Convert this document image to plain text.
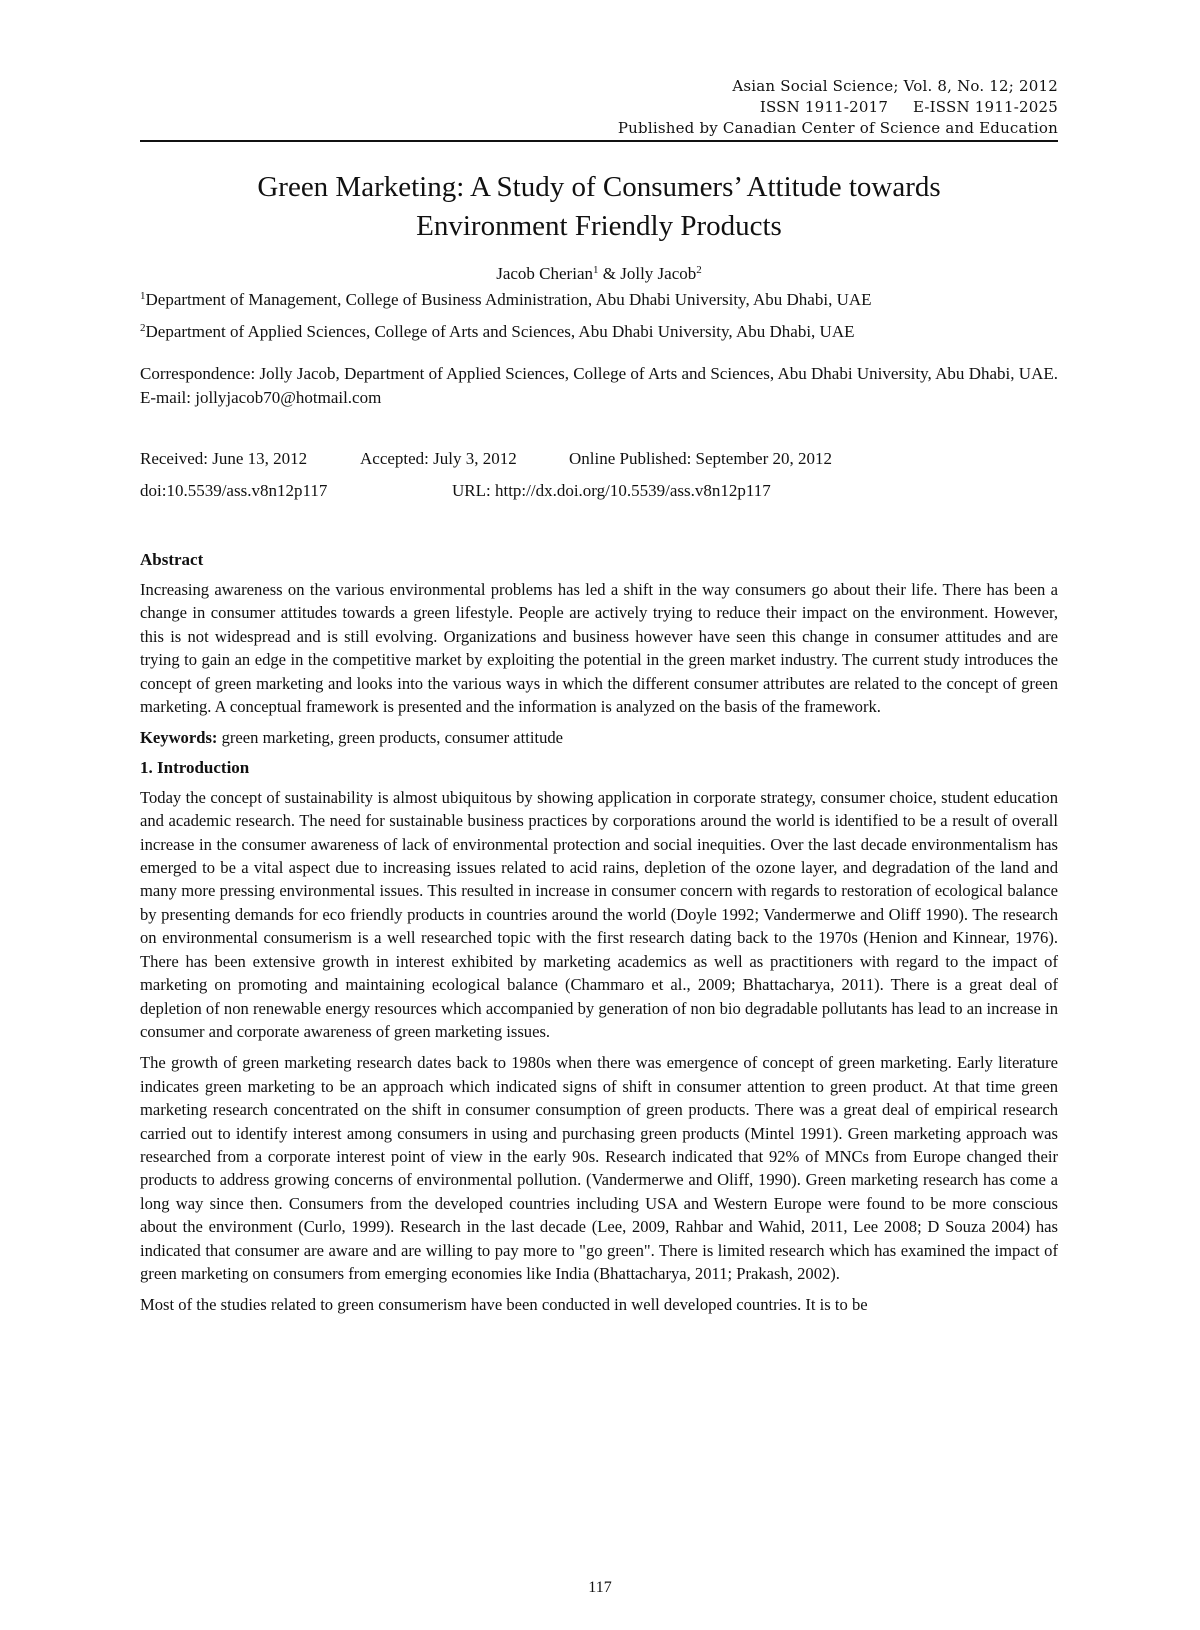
Asian Social Science; Vol. 8, No. 12; 2012
ISSN 1911-2017     E-ISSN 1911-2025
Published by Canadian Center of Science and Education
Green Marketing: A Study of Consumers’ Attitude towards
Environment Friendly Products
Jacob Cherian$^1$ & Jolly Jacob$^2$
$^1$Department of Management, College of Business Administration, Abu Dhabi University, Abu Dhabi, UAE
$^2$Department of Applied Sciences, College of Arts and Sciences, Abu Dhabi University, Abu Dhabi, UAE
Correspondence: Jolly Jacob, Department of Applied Sciences, College of Arts and Sciences, Abu Dhabi University, Abu Dhabi, UAE. E-mail: jollyjacob70@hotmail.com
Received: June 13, 2012	Accepted: July 3, 2012	Online Published: September 20, 2012
doi:10.5539/ass.v8n12p117	URL: http://dx.doi.org/10.5539/ass.v8n12p117
Abstract

Increasing awareness on the various environmental problems has led a shift in the way consumers go about their life. There has been a change in consumer attitudes towards a green lifestyle. People are actively trying to reduce their impact on the environment. However, this is not widespread and is still evolving. Organizations and business however have seen this change in consumer attitudes and are trying to gain an edge in the competitive market by exploiting the potential in the green market industry. The current study introduces the concept of green marketing and looks into the various ways in which the different consumer attributes are related to the concept of green marketing. A conceptual framework is presented and the information is analyzed on the basis of the framework.

Keywords: green marketing, green products, consumer attitude
1. Introduction

Today the concept of sustainability is almost ubiquitous by showing application in corporate strategy, consumer choice, student education and academic research. The need for sustainable business practices by corporations around the world is identified to be a result of overall increase in the consumer awareness of lack of environmental protection and social inequities. Over the last decade environmentalism has emerged to be a vital aspect due to increasing issues related to acid rains, depletion of the ozone layer, and degradation of the land and many more pressing environmental issues. This resulted in increase in consumer concern with regards to restoration of ecological balance by presenting demands for eco friendly products in countries around the world (Doyle 1992; Vandermerwe and Oliff 1990). The research on environmental consumerism is a well researched topic with the first research dating back to the 1970s (Henion and Kinnear, 1976). There has been extensive growth in interest exhibited by marketing academics as well as practitioners with regard to the impact of marketing on promoting and maintaining ecological balance (Chammaro et al., 2009; Bhattacharya, 2011). There is a great deal of depletion of non renewable energy resources which accompanied by generation of non bio degradable pollutants has lead to an increase in consumer and corporate awareness of green marketing issues.

The growth of green marketing research dates back to 1980s when there was emergence of concept of green marketing. Early literature indicates green marketing to be an approach which indicated signs of shift in consumer attention to green product. At that time green marketing research concentrated on the shift in consumer consumption of green products. There was a great deal of empirical research carried out to identify interest among consumers in using and purchasing green products (Mintel 1991). Green marketing approach was researched from a corporate interest point of view in the early 90s. Research indicated that 92% of MNCs from Europe changed their products to address growing concerns of environmental pollution. (Vandermerwe and Oliff, 1990). Green marketing research has come a long way since then. Consumers from the developed countries including USA and Western Europe were found to be more conscious about the environment (Curlo, 1999). Research in the last decade (Lee, 2009, Rahbar and Wahid, 2011, Lee 2008; D Souza 2004) has indicated that consumer are aware and are willing to pay more to "go green". There is limited research which has examined the impact of green marketing on consumers from emerging economies like India (Bhattacharya, 2011; Prakash, 2002).

Most of the studies related to green consumerism have been conducted in well developed countries. It is to be

117
